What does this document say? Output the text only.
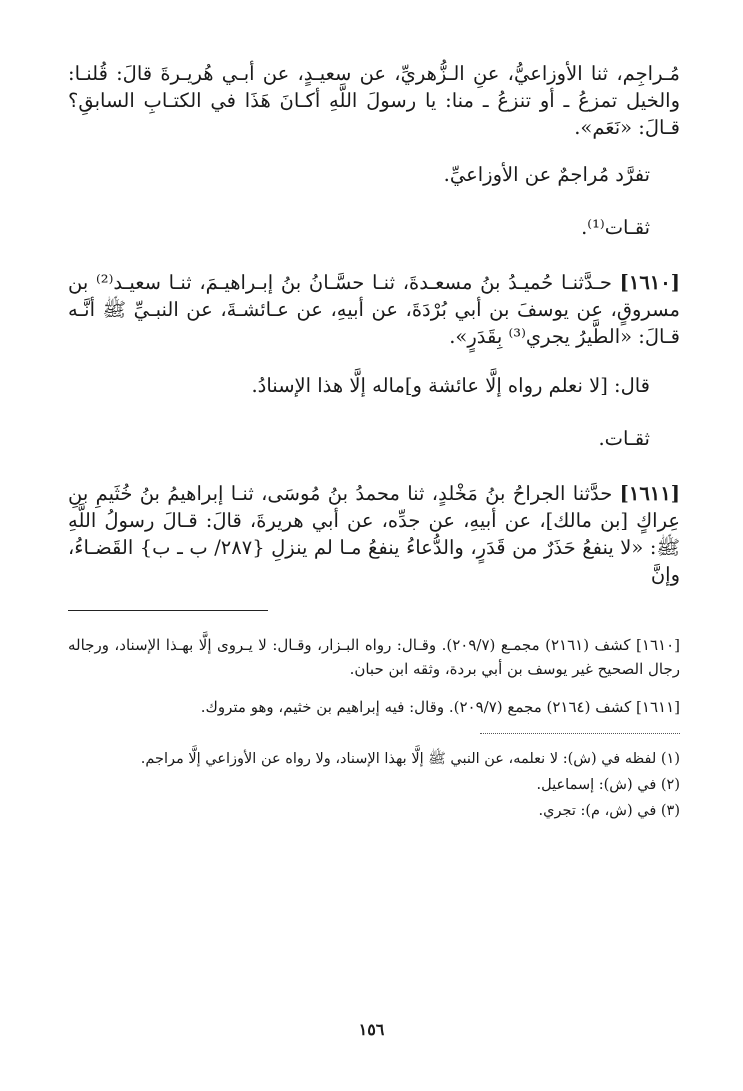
مُـراجِم، ثنا الأوزاعيُّ، عنِ الـزُّهريِّ، عن سعيـدٍ، عن أبـي هُريـرةَ قالَ: قُلنـا: والخيل تمزعُ ـ أو تنزعُ ـ منا: يا رسولَ اللَّهِ أكـانَ هَذَا في الكتـابِ السابقِ؟ قـالَ: «نَعَم».

تفرَّد مُراجمٌ عن الأوزاعيِّ.

ثقـات⁽¹⁾.

[١٦١٠] حـدَّثنـا حُميـدُ بنُ مسعـدةَ، ثنـا حسَّـانُ بنُ إبـراهيـمَ، ثنـا سعيـد⁽²⁾ بن مسروقٍ، عن يوسفَ بن أبي بُرْدَةَ، عن أبيهِ، عن عـائشـةَ، عن النبـيِّ ﷺ أنَّـه قـالَ: «الطَّيرُ يجري⁽³⁾ بِقَدَرٍ».

قال: [لا نعلم رواه إلَّا عائشة و]ماله إلَّا هذا الإسنادُ.

ثقـات.

[١٦١١] حدَّثنا الجراحُ بنُ مَخْلدٍ، ثنا محمدُ بنُ مُوسَى، ثنـا إبراهيمُ بنُ خُثَيمِ بنِ عِراكٍ [بن مالك]، عن أبيهِ، عن جدِّه، عن أبي هريرةَ، قالَ: قـالَ رسولُ اللَّهِ ﷺ: «لا ينفعُ حَذَرٌ من قَدَرٍ، والدُّعاءُ ينفعُ مـا لم ينزلِ {٢٨٧/ ب ـ ب} القَضـاءُ، وإنَّ

[١٦١٠] كشف (٢١٦١) مجمـع (٢٠٩/٧). وقـال: رواه البـزار، وقـال: لا يـروى إلَّا بهـذا الإسناد، ورجاله رجال الصحيح غير يوسف بن أبي بردة، وثقه ابن حبان.

[١٦١١] كشف (٢١٦٤) مجمع (٢٠٩/٧). وقال: فيه إبراهيم بن خثيم، وهو متروك.

(١) لفظه في (ش): لا نعلمه، عن النبي ﷺ إلَّا بهذا الإسناد، ولا رواه عن الأوزاعي إلَّا مراجم.

(٢) في (ش): إسماعيل.

(٣) في (ش، م): تجري.

١٥٦
